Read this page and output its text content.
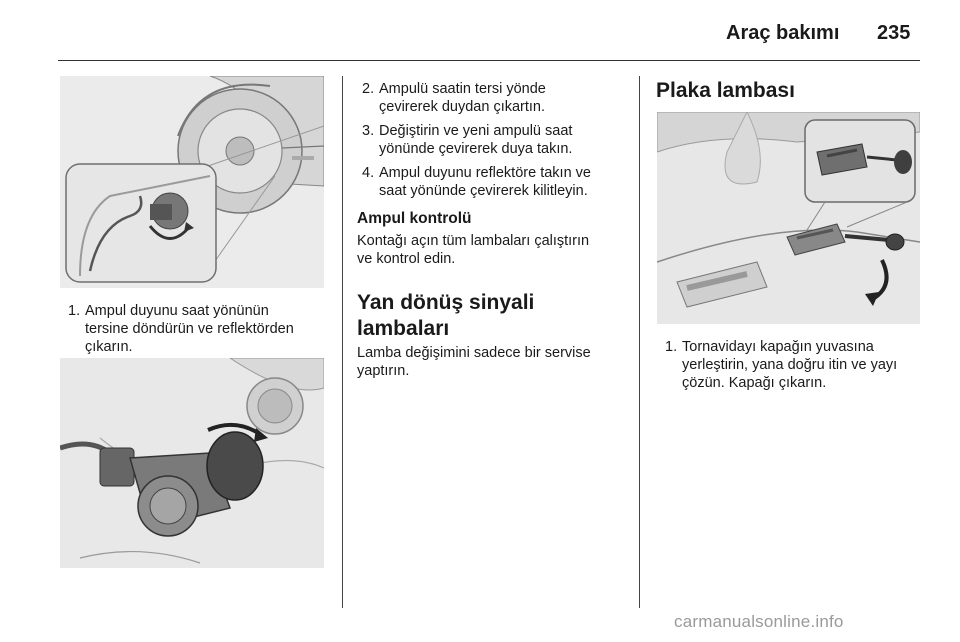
Araç bakımı 235
1. Ampul duyunu saat yönünün
tersine döndürün ve reflektörden
çıkarın.
2. Ampulü saatin tersi yönde
çevirerek duydan çıkartın.
3. Değiştirin ve yeni ampulü saat
yönünde çevirerek duya takın.
4. Ampul duyunu reflektöre takın ve
saat yönünde çevirerek kilitleyin.
Ampul kontrolü
Kontağı açın tüm lambaları çalıştırın
ve kontrol edin.
Yan dönüş sinyali
lambaları
Lamba değişimini sadece bir servise
yaptırın.
Plaka lambası
1. Tornavidayı kapağın yuvasına
yerleştirin, yana doğru itin ve yayı
çözün. Kapağı çıkarın.
carmanualsonline.info
